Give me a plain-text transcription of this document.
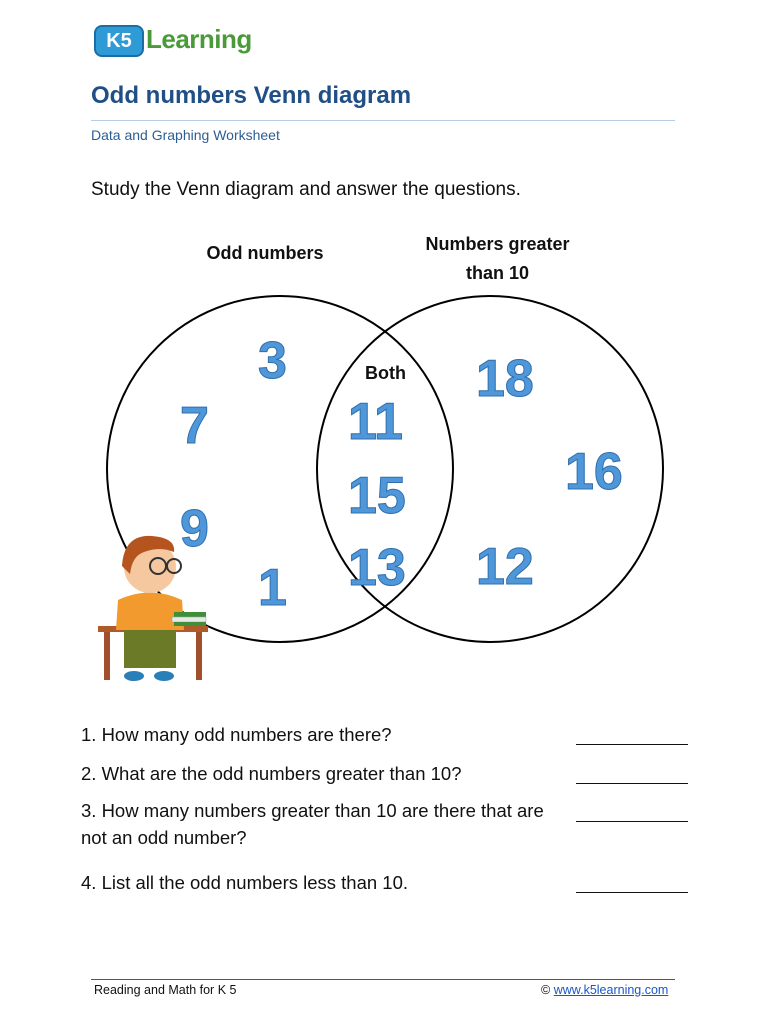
K5 Learning
Odd numbers Venn diagram
Data and Graphing Worksheet
Study the Venn diagram and answer the questions.
Odd numbers	Numbers greater
than 10
Both
3
7
9
1
11
15
13
18
16
12
1. How many odd numbers are there?
2. What are the odd numbers greater than 10?
3. How many numbers greater than 10 are there that are not an odd number?
4. List all the odd numbers less than 10.
Reading and Math for K 5	© www.k5learning.com
